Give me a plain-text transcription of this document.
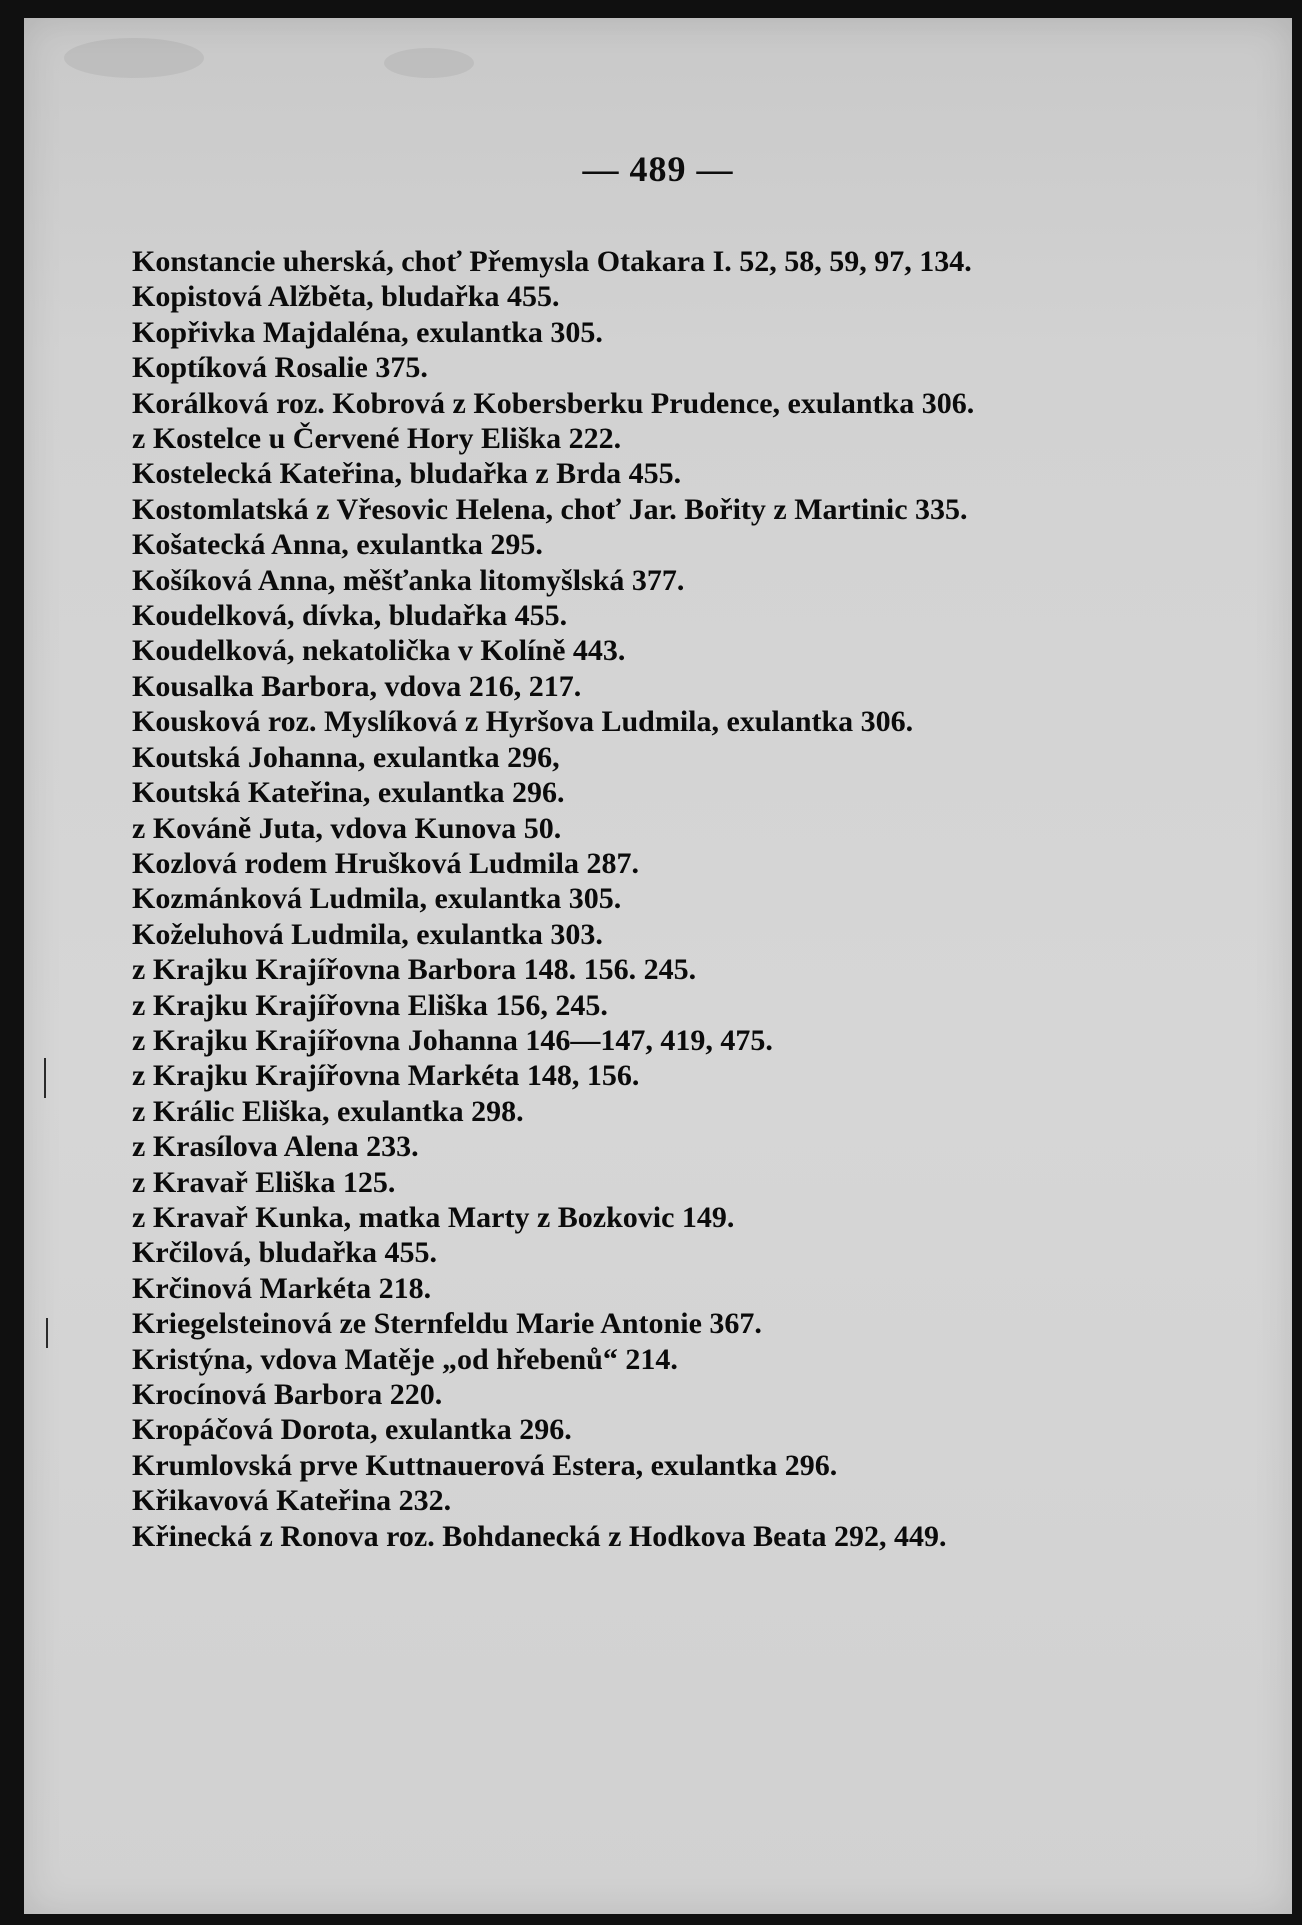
— 489 —
Konstancie uherská, choť Přemysla Otakara I. 52, 58, 59, 97, 134.
Kopistová Alžběta, bludařka 455.
Kopřivka Majdaléna, exulantka 305.
Koptíková Rosalie 375.
Korálková roz. Kobrová z Kobersberku Prudence, exulantka 306.
z Kostelce u Červené Hory Eliška 222.
Kostelecká Kateřina, bludařka z Brda 455.
Kostomlatská z Vřesovic Helena, choť Jar. Bořity z Martinic 335.
Košatecká Anna, exulantka 295.
Košíková Anna, měšťanka litomyšlská 377.
Koudelková, dívka, bludařka 455.
Koudelková, nekatolička v Kolíně 443.
Kousalka Barbora, vdova 216, 217.
Kousková roz. Myslíková z Hyršova Ludmila, exulantka 306.
Koutská Johanna, exulantka 296,
Koutská Kateřina, exulantka 296.
z Kováně Juta, vdova Kunova 50.
Kozlová rodem Hrušková Ludmila 287.
Kozmánková Ludmila, exulantka 305.
Koželuhová Ludmila, exulantka 303.
z Krajku Krajířovna Barbora 148. 156. 245.
z Krajku Krajířovna Eliška 156, 245.
z Krajku Krajířovna Johanna 146—147, 419, 475.
z Krajku Krajířovna Markéta 148, 156.
z Králic Eliška, exulantka 298.
z Krasílova Alena 233.
z Kravař Eliška 125.
z Kravař Kunka, matka Marty z Bozkovic 149.
Krčilová, bludařka 455.
Krčinová Markéta 218.
Kriegelsteinová ze Sternfeldu Marie Antonie 367.
Kristýna, vdova Matěje „od hřebenů“ 214.
Krocínová Barbora 220.
Kropáčová Dorota, exulantka 296.
Krumlovská prve Kuttnauerová Estera, exulantka 296.
Křikavová Kateřina 232.
Křinecká z Ronova roz. Bohdanecká z Hodkova Beata 292, 449.
